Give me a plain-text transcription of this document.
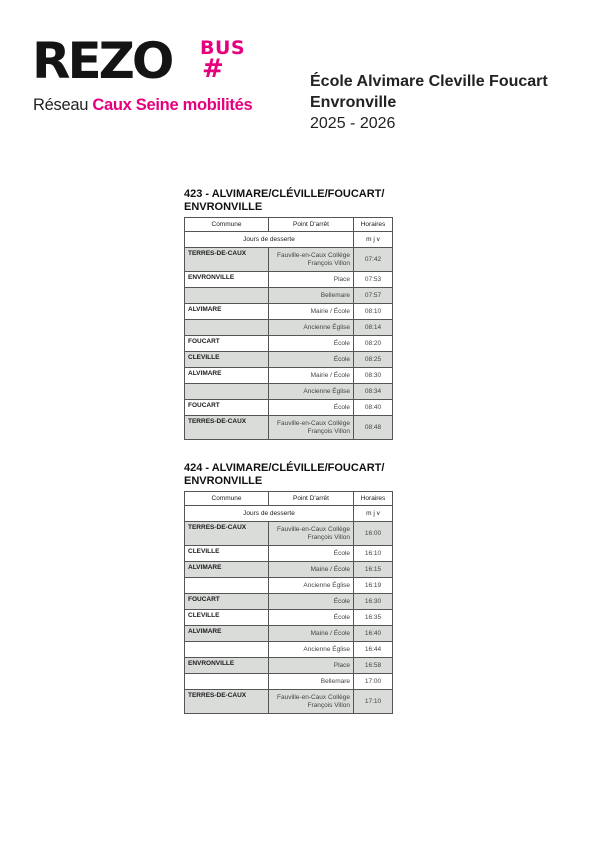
REZO BUS
#
Réseau Caux Seine mobilités
École Alvimare Cleville Foucart
Envronville
2025 - 2026
423 - ALVIMARE/CLÉVILLE/FOUCART/ ENVRONVILLE
Commune	Point D'arrêt	Horaires
Jours de desserte		m j v
TERRES-DE-CAUX	Fauville-en-Caux Collège François Villon	07:42
ENVRONVILLE	Place	07:53
	Bellemare	07:57
ALVIMARE	Mairie / École	08:10
	Ancienne Église	08:14
FOUCART	École	08:20
CLEVILLE	École	08:25
ALVIMARE	Mairie / École	08:30
	Ancienne Église	08:34
FOUCART	École	08:40
TERRES-DE-CAUX	Fauville-en-Caux Collège François Villon	08:48
424 - ALVIMARE/CLÉVILLE/FOUCART/ ENVRONVILLE
Commune	Point D'arrêt	Horaires
Jours de desserte		m j v
TERRES-DE-CAUX	Fauville-en-Caux Collège François Villon	16:00
CLEVILLE	École	16:10
ALVIMARE	Mairie / École	16:15
	Ancienne Église	16:19
FOUCART	École	16:30
CLEVILLE	École	16:35
ALVIMARE	Mairie / École	16:40
	Ancienne Église	16:44
ENVRONVILLE	Place	16:58
	Bellemare	17:00
TERRES-DE-CAUX	Fauville-en-Caux Collège François Villon	17:10
